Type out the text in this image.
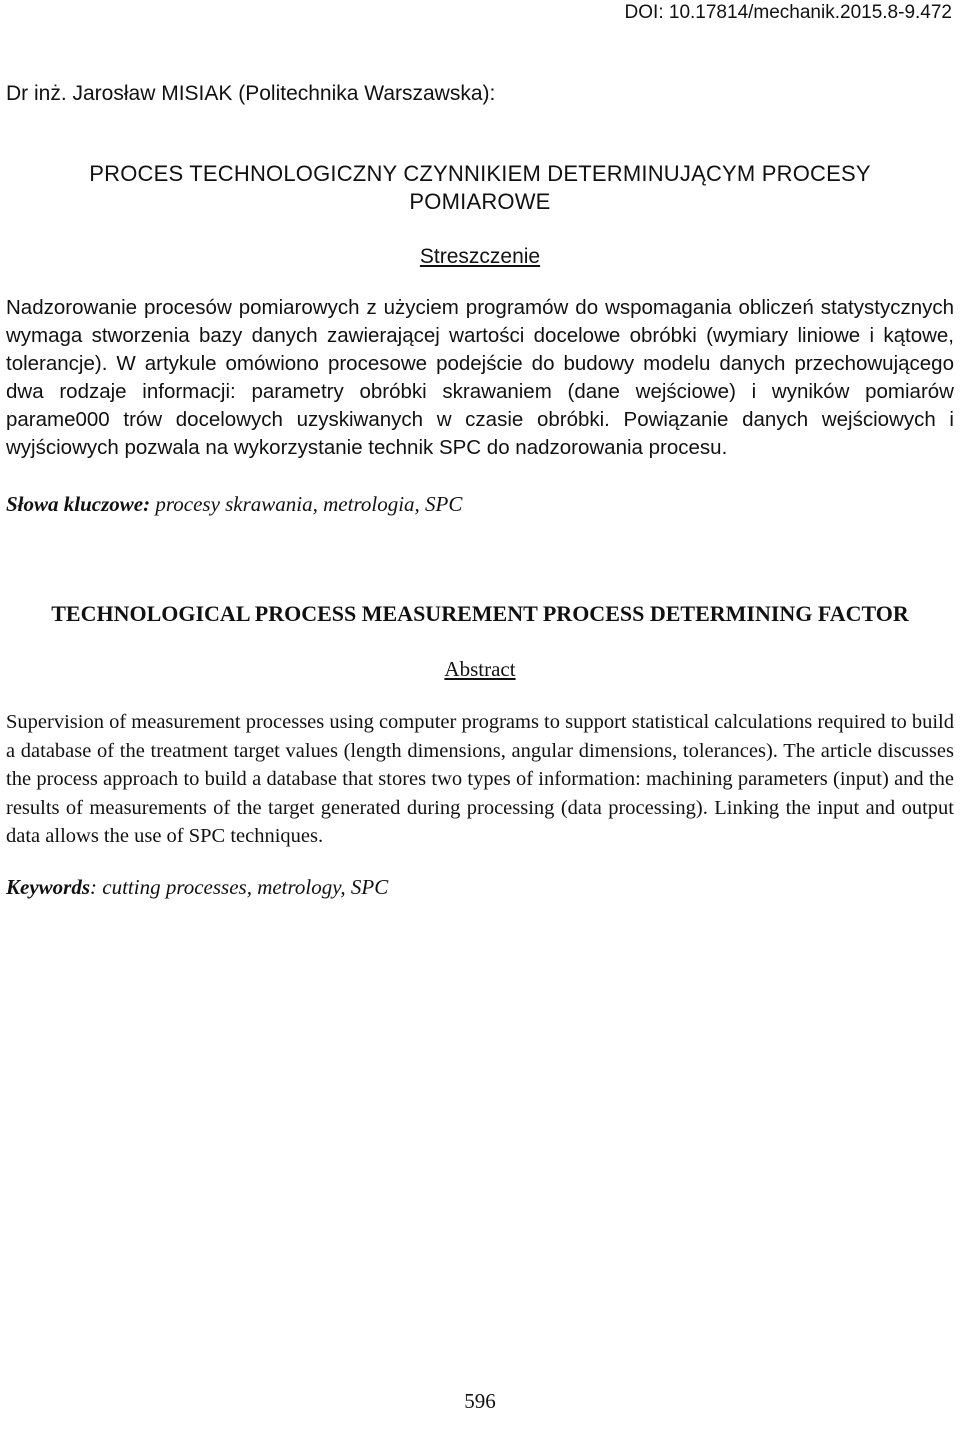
DOI: 10.17814/mechanik.2015.8-9.472
Dr inż. Jarosław MISIAK (Politechnika Warszawska):
PROCES TECHNOLOGICZNY CZYNNIKIEM DETERMINUJĄCYM PROCESY POMIAROWE
Streszczenie

Nadzorowanie procesów pomiarowych z użyciem programów do wspomagania obliczeń statystycznych wymaga stworzenia bazy danych zawierającej wartości docelowe obróbki (wymiary liniowe i kątowe, tolerancje). W artykule omówiono procesowe podejście do budowy modelu danych przechowującego dwa rodzaje informacji: parametry obróbki skrawaniem (dane wejściowe) i wyników pomiarów parame000 trów docelowych uzyskiwanych w czasie obróbki. Powiązanie danych wejściowych i wyjściowych pozwala na wykorzystanie technik SPC do nadzorowania procesu.

Słowa kluczowe: procesy skrawania, metrologia, SPC
TECHNOLOGICAL PROCESS MEASUREMENT PROCESS DETERMINING FACTOR
Abstract

Supervision of measurement processes using computer programs to support statistical calculations required to build a database of the treatment target values (length dimensions, angular dimensions, tolerances). The article discusses the process approach to build a database that stores two types of information: machining parameters (input) and the results of measurements of the target generated during processing (data processing). Linking the input and output data allows the use of SPC techniques.

Keywords: cutting processes, metrology, SPC
596
